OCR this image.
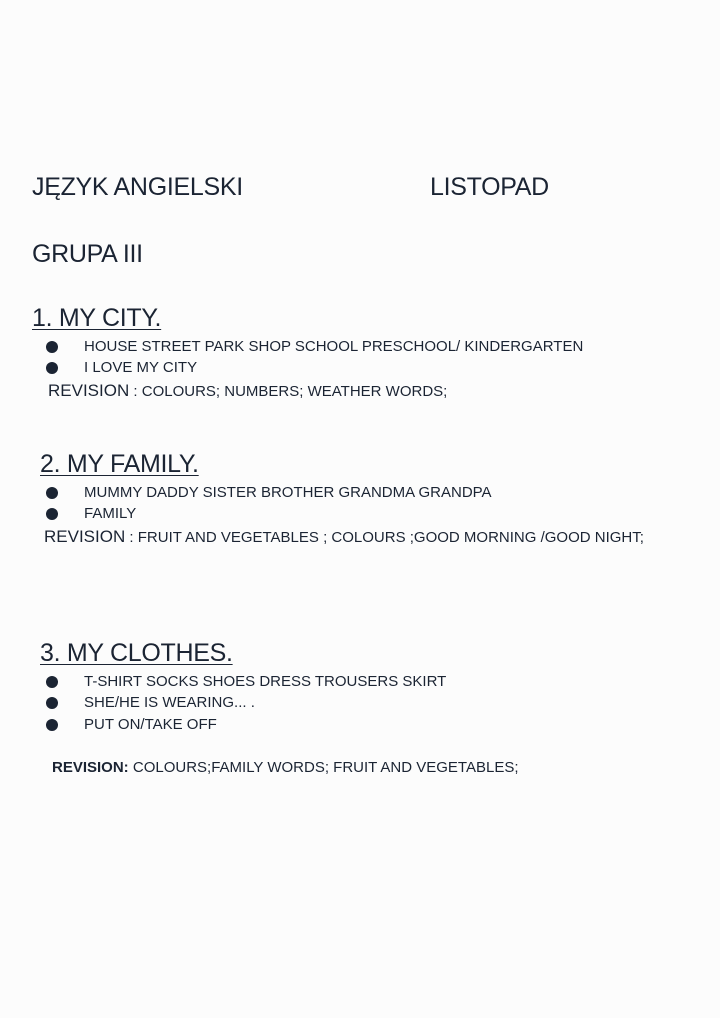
JĘZYK ANGIELSKI	LISTOPAD
GRUPA III
1. MY CITY.
HOUSE STREET PARK SHOP SCHOOL PRESCHOOL/ KINDERGARTEN
I LOVE MY CITY
REVISION : COLOURS; NUMBERS; WEATHER WORDS;
2. MY FAMILY.
MUMMY DADDY SISTER BROTHER GRANDMA GRANDPA
FAMILY
REVISION : FRUIT AND VEGETABLES ; COLOURS ;GOOD MORNING /GOOD NIGHT;
3. MY CLOTHES.
T-SHIRT SOCKS SHOES DRESS TROUSERS SKIRT
SHE/HE IS WEARING... .
PUT ON/TAKE OFF
REVISION: COLOURS;FAMILY WORDS; FRUIT AND VEGETABLES;
